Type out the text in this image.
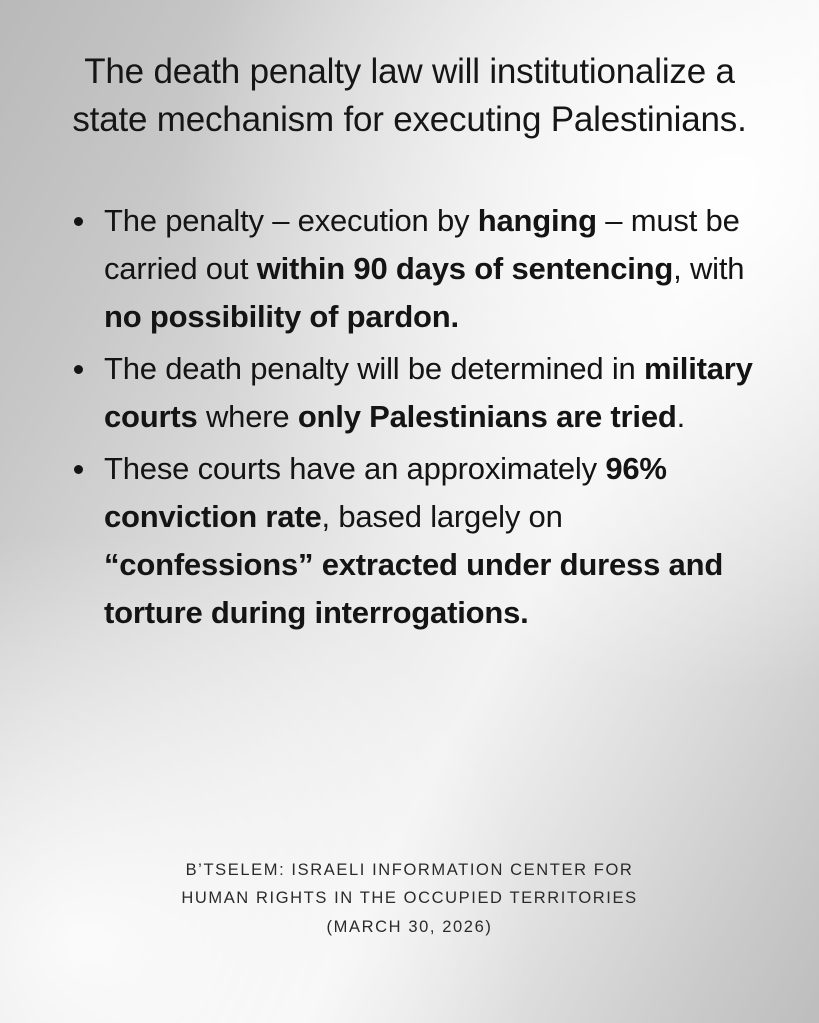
The death penalty law will institutionalize a state mechanism for executing Palestinians.
The penalty – execution by hanging – must be carried out within 90 days of sentencing, with no possibility of pardon.
The death penalty will be determined in military courts where only Palestinians are tried.
These courts have an approximately 96% conviction rate, based largely on “confessions” extracted under duress and torture during interrogations.
B’TSELEM: ISRAELI INFORMATION CENTER FOR
HUMAN RIGHTS IN THE OCCUPIED TERRITORIES
(MARCH 30, 2026)
